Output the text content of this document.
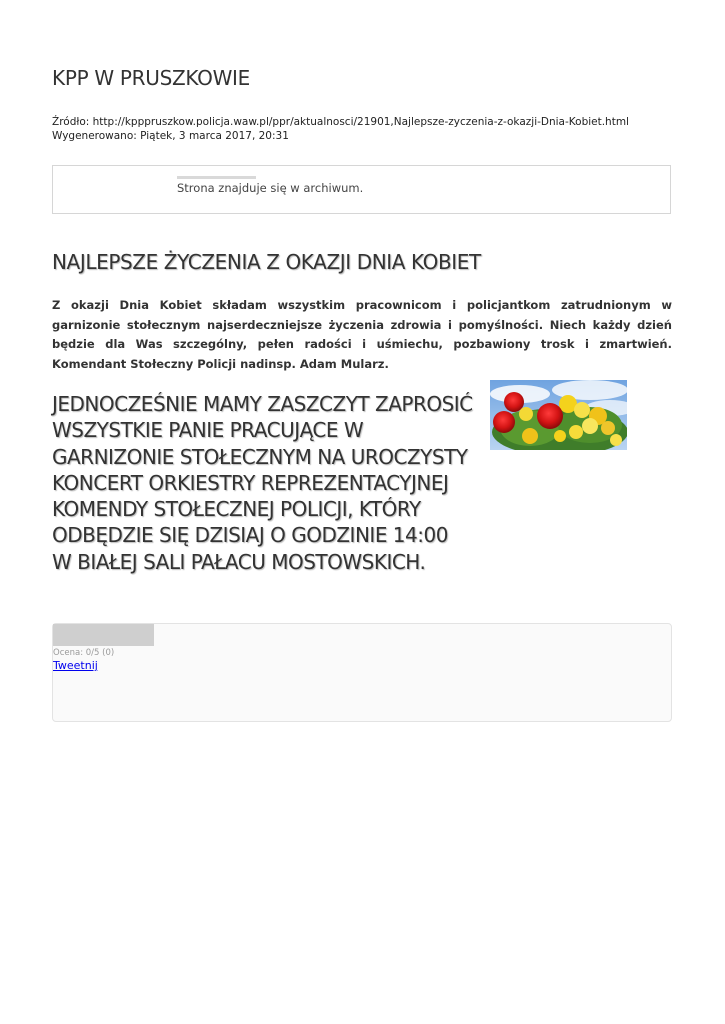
KPP W PRUSZKOWIE
Źródło: http://kpppruszkow.policja.waw.pl/ppr/aktualnosci/21901,Najlepsze-zyczenia-z-okazji-Dnia-Kobiet.html
Wygenerowano: Piątek, 3 marca 2017, 20:31
Strona znajduje się w archiwum.
NAJLEPSZE ŻYCZENIA Z OKAZJI DNIA KOBIET

Z okazji Dnia Kobiet składam wszystkim pracownicom i policjantkom zatrudnionym w garnizonie stołecznym najserdeczniejsze życzenia zdrowia i pomyślności. Niech każdy dzień będzie dla Was szczególny, pełen radości i uśmiechu, pozbawiony trosk i zmartwień. Komendant Stołeczny Policji nadinsp. Adam Mularz.

JEDNOCZEŚNIE MAMY ZASZCZYT ZAPROSIĆ
WSZYSTKIE PANIE PRACUJĄCE W
GARNIZONIE STOŁECZNYM NA UROCZYSTY
KONCERT ORKIESTRY REPREZENTACYJNEJ
KOMENDY STOŁECZNEJ POLICJI, KTÓRY
ODBĘDZIE SIĘ DZISIAJ O GODZINIE 14:00
W BIAŁEJ SALI PAŁACU MOSTOWSKICH.
Ocena: 0/5 (0)
Tweetnij
